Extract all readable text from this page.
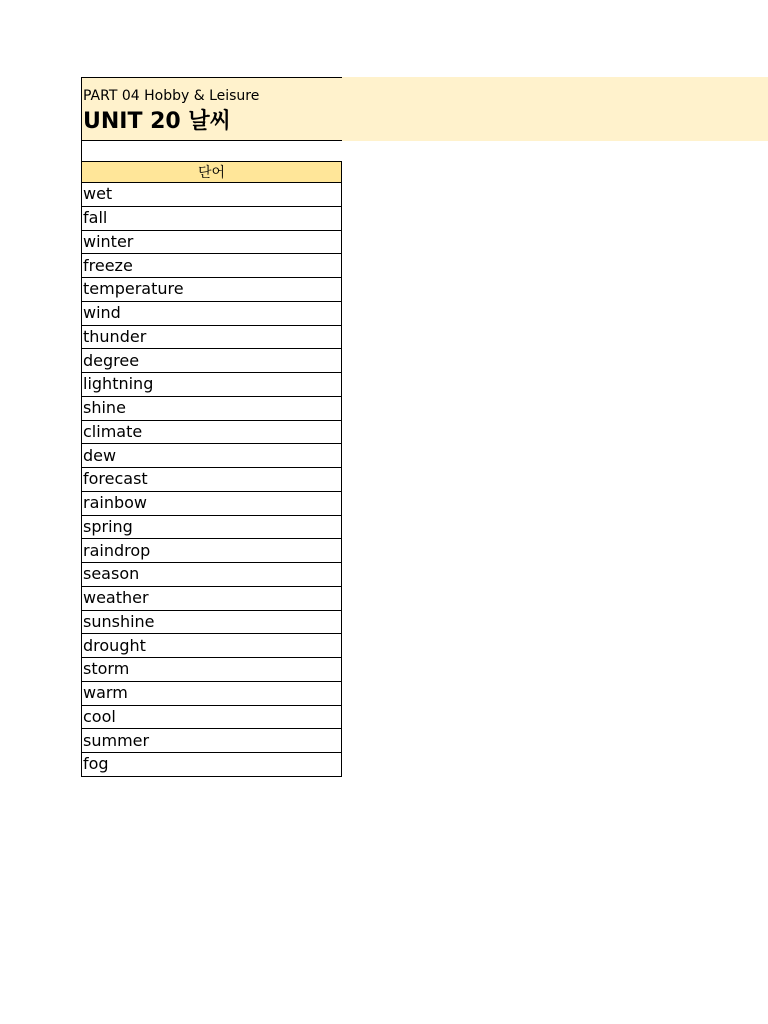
PART 04 Hobby & Leisure
UNIT 20 날씨
단어
wet
fall
winter
freeze
temperature
wind
thunder
degree
lightning
shine
climate
dew
forecast
rainbow
spring
raindrop
season
weather
sunshine
drought
storm
warm
cool
summer
fog
